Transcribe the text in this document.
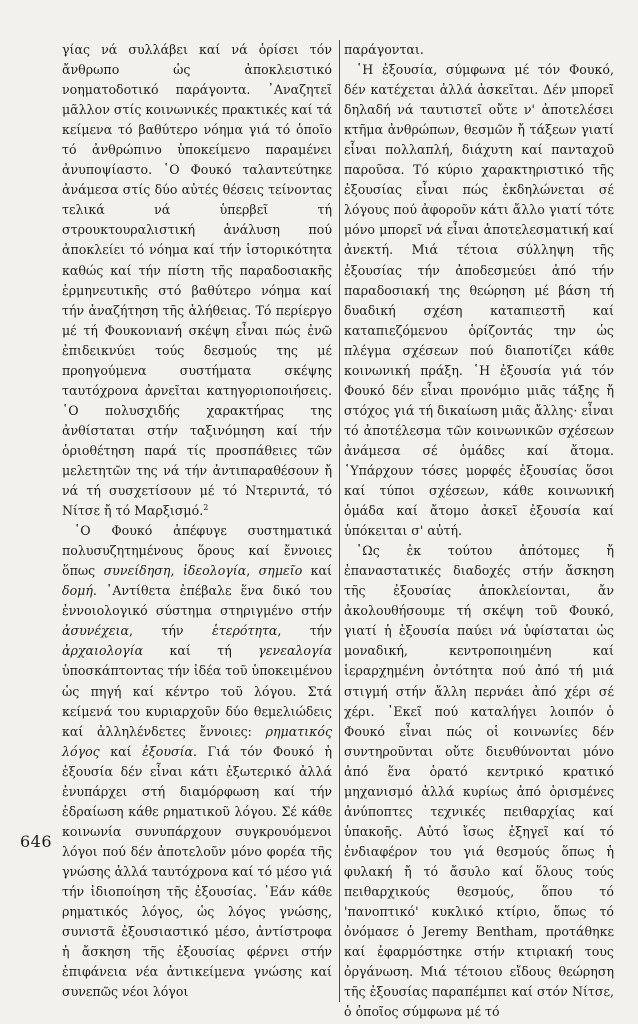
γίας νά συλλάβει καί νά ὁρίσει τόν ἄνθρωπο ὡς ἀποκλειστικό νοηματοδοτικό παράγοντα. ᾿Αναζητεῖ μᾶλλον στίς κοινωνικές πρακτικές καί τά κείμενα τό βαθύτερο νόημα γιά τό ὁποῖο τό ἀνθρώπινο ὑποκείμενο παραμένει ἀνυποψίαστο. ῾Ο Φουκό ταλαντεύτηκε ἀνάμεσα στίς δύο αὐτές θέσεις τείνοντας τελικά νά ὑπερβεῖ τή στρουκτουραλιστική ἀνάλυση πού ἀποκλείει τό νόημα καί τήν ἱστορικότητα καθώς καί τήν πίστη τῆς παραδοσιακῆς ἑρμηνευτικῆς στό βαθύτερο νόημα καί τήν ἀναζήτηση τῆς ἀλήθειας. Τό περίεργο μέ τή Φουκονιανή σκέψη εἶναι πώς ἐνῶ ἐπιδεικνύει τούς δεσμούς της μέ προηγούμενα συστήματα σκέψης ταυτόχρονα ἀρνεῖται κατηγοριοποιήσεις. ῾Ο πολυσχιδής χαρακτήρας της ἀνθίσταται στήν ταξινόμηση καί τήν ὁριοθέτηση παρά τίς προσπάθειες τῶν μελετητῶν της νά τήν ἀντιπαραθέσουν ἤ νά τή συσχετίσουν μέ τό Ντεριντά, τό Νίτσε ἤ τό Μαρξισμό.$^2$

῾Ο Φουκό ἀπέφυγε συστηματικά πολυσυζητημένους ὅρους καί ἔννοιες ὅπως συνείδηση, ἰδεολογία, σημεῖο καί δομή. ᾿Αντίθετα ἐπέβαλε ἕνα δικό του ἐννοιολογικό σύστημα στηριγμένο στήν ἀσυνέχεια, τήν ἑτερότητα, τήν ἀρχαιολογία καί τή γενεαλογία ὑποσκάπτοντας τήν ἰδέα τοῦ ὑποκειμένου ὡς πηγή καί κέντρο τοῦ λόγου. Στά κείμενά του κυριαρχοῦν δύο θεμελιώδεις καί ἀλληλένδετες ἔννοιες: ρηματικός λόγος καί ἐξουσία. Γιά τόν Φουκό ἡ ἐξουσία δέν εἶναι κάτι ἐξωτερικό ἀλλά ἐνυπάρχει στή διαμόρφωση καί τήν ἑδραίωση κάθε ρηματικοῦ λόγου. Σέ κάθε κοινωνία συνυπάρχουν συγκρουόμενοι λόγοι πού δέν ἀποτελοῦν μόνο φορέα τῆς γνώσης ἀλλά ταυτόχρονα καί τό μέσο γιά τήν ἰδιοποίηση τῆς ἐξουσίας. ᾿Εάν κάθε ρηματικός λόγος, ὡς λόγος γνώσης, συνιστᾶ ἐξουσιαστικό μέσο, ἀντίστροφα ἡ ἄσκηση τῆς ἐξουσίας φέρνει στήν ἐπιφάνεια νέα ἀντικείμενα γνώσης καί συνεπῶς νέοι λόγοι

παράγονται.

῾Η ἐξουσία, σύμφωνα μέ τόν Φουκό, δέν κατέχεται ἀλλά ἀσκεῖται. Δέν μπορεῖ δηλαδή νά ταυτιστεῖ οὔτε ν' ἀποτελέσει κτῆμα ἀνθρώπων, θεσμῶν ἤ τάξεων γιατί εἶναι πολλαπλή, διάχυτη καί πανταχοῦ παροῦσα. Τό κύριο χαρακτηριστικό τῆς ἐξουσίας εἶναι πώς ἐκδηλώνεται σέ λόγους πού ἀφοροῦν κάτι ἄλλο γιατί τότε μόνο μπορεῖ νά εἶναι ἀποτελεσματική καί ἀνεκτή. Μιά τέτοια σύλληψη τῆς ἐξουσίας τήν ἀποδεσμεύει ἀπό τήν παραδοσιακή της θεώρηση μέ βάση τή δυαδική σχέση καταπιεστῆ καί καταπιεζόμενου ὁρίζοντάς την ὡς πλέγμα σχέσεων πού διαποτίζει κάθε κοινωνική πράξη. ῾Η ἐξουσία γιά τόν Φουκό δέν εἶναι προνόμιο μιᾶς τάξης ἤ στόχος γιά τή δικαίωση μιᾶς ἄλλης· εἶναι τό ἀποτέλεσμα τῶν κοινωνικῶν σχέσεων ἀνάμεσα σέ ὁμάδες καί ἄτομα. ῾Υπάρχουν τόσες μορφές ἐξουσίας ὅσοι καί τύποι σχέσεων, κάθε κοινωνική ὁμάδα καί ἄτομο ἀσκεῖ ἐξουσία καί ὑπόκειται σ' αὐτή.

῾Ως ἐκ τούτου ἀπότομες ἤ ἐπαναστατικές διαδοχές στήν ἄσκηση τῆς ἐξουσίας ἀποκλείονται, ἄν ἀκολουθήσουμε τή σκέψη τοῦ Φουκό, γιατί ἡ ἐξουσία παύει νά ὑφίσταται ὡς μοναδική, κεντροποιημένη καί ἱεραρχημένη ὀντότητα πού ἀπό τή μιά στιγμή στήν ἄλλη περνάει ἀπό χέρι σέ χέρι. ᾿Εκεῖ πού καταλήγει λοιπόν ὁ Φουκό εἶναι πώς οἱ κοινωνίες δέν συντηροῦνται οὔτε διευθύνονται μόνο ἀπό ἕνα ὁρατό κεντρικό κρατικό μηχανισμό ἀλλά κυρίως ἀπό ὁρισμένες ἀνύποπτες τεχνικές πειθαρχίας καί ὑπακοῆς. Αὐτό ἴσως ἐξηγεῖ καί τό ἐνδιαφέρον του γιά θεσμούς ὅπως ἡ φυλακή ἤ τό ἄσυλο καί ὅλους τούς πειθαρχικούς θεσμούς, ὅπου τό 'πανοπτικό' κυκλικό κτίριο, ὅπως τό ὀνόμασε ὁ Jeremy Bentham, προτάθηκε καί ἐφαρμόστηκε στήν κτιριακή τους ὀργάνωση. Μιά τέτοιου εἴδους θεώρηση τῆς ἐξουσίας παραπέμπει καί στόν Νίτσε, ὁ ὁποῖος σύμφωνα μέ τό

646
